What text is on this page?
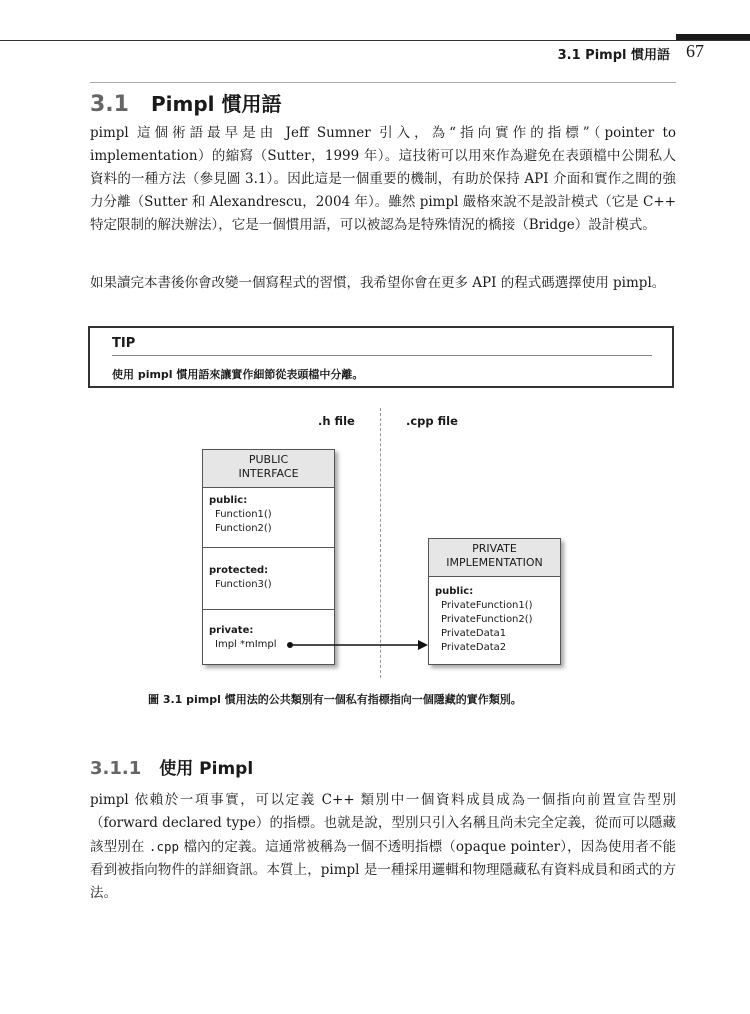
3.1 Pimpl 慣用語 67
3.1 Pimpl 慣用語
pimpl 這個術語最早是由 Jeff Sumner 引入，為“指向實作的指標”（pointer to implementation）的縮寫（Sutter，1999 年）。這技術可以用來作為避免在表頭檔中公開私人資料的一種方法（參見圖 3.1）。因此這是一個重要的機制，有助於保持 API 介面和實作之間的強力分離（Sutter 和 Alexandrescu，2004 年）。雖然 pimpl 嚴格來說不是設計模式（它是 C++ 特定限制的解決辦法），它是一個慣用語，可以被認為是特殊情況的橋接（Bridge）設計模式。
如果讀完本書後你會改變一個寫程式的習慣，我希望你會在更多 API 的程式碼選擇使用 pimpl。
TIP
使用 pimpl 慣用語來讓實作細節從表頭檔中分離。
.h file	.cpp file
PUBLIC
INTERFACE
public:
Function1()
Function2()
protected:
Function3()
private:
Impl *mImpl
PRIVATE
IMPLEMENTATION
public:
PrivateFunction1()
PrivateFunction2()
PrivateData1
PrivateData2
圖 3.1 pimpl 慣用法的公共類別有一個私有指標指向一個隱藏的實作類別。
3.1.1 使用 Pimpl
pimpl 依賴於一項事實，可以定義 C++ 類別中一個資料成員成為一個指向前置宣告型別（forward declared type）的指標。也就是說，型別只引入名稱且尚未完全定義，從而可以隱藏該型別在 .cpp 檔內的定義。這通常被稱為一個不透明指標（opaque pointer），因為使用者不能看到被指向物件的詳細資訊。本質上，pimpl 是一種採用邏輯和物理隱藏私有資料成員和函式的方法。
